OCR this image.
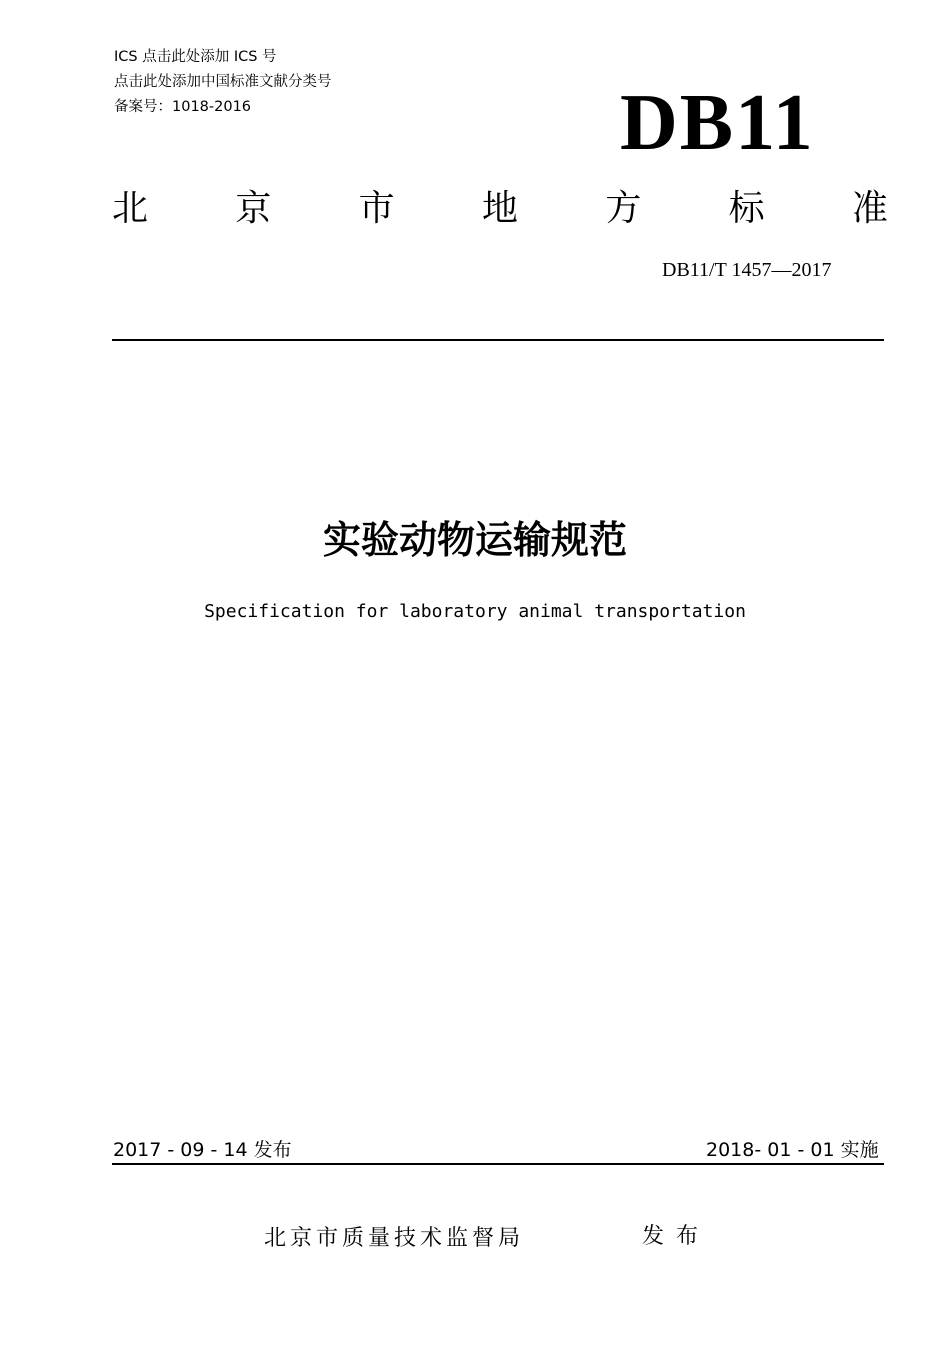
ICS 点击此处添加 ICS 号
点击此处添加中国标准文献分类号
备案号：1018-2016	DB11
北 京 市 地 方 标 准
DB11/T 1457—2017
实验动物运输规范
Specification for laboratory animal transportation
2017 - 09 - 14 发布	2018- 01 - 01 实施
北京市质量技术监督局	发布
